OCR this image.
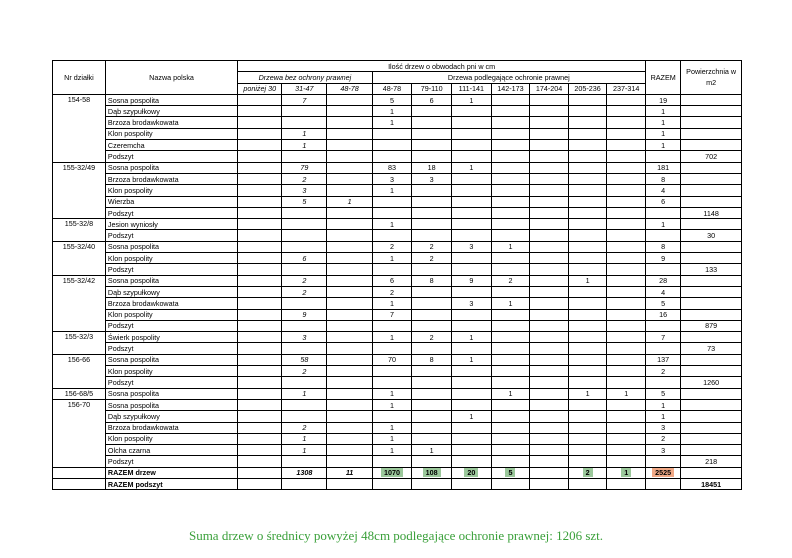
Nr działki	Nazwa polska	Ilość drzew o obwodach pni w cm										RAZEM	Powierzchnia w m2
		Drzewa bez ochrony prawnej			Drzewa podlegające ochronie prawnej								
		poniżej 30	31-47	48-78	48-78	79-110	111-141	142-173	174-204	205-236	237-314		
154-58	Sosna pospolita		7		5	6	1					19	
	Dąb szypułkowy				1							1	
	Brzoza brodawkowata				1							1	
	Klon pospolity		1									1	
	Czeremcha		1									1	
	Podszyt												702
155-32/49	Sosna pospolita		79		83	18	1					181	
	Brzoza brodawkowata		2		3	3						8	
	Klon pospolity		3		1							4	
	Wierzba		5	1								6	
	Podszyt												1148
155-32/8	Jesion wyniosły				1							1	
	Podszyt												30
155-32/40	Sosna pospolita				2	2	3	1				8	
	Klon pospolity		6		1	2						9	
	Podszyt												133
155-32/42	Sosna pospolita		2		6	8	9	2		1		28	
	Dąb szypułkowy		2		2							4	
	Brzoza brodawkowata				1		3	1				5	
	Klon pospolity		9		7							16	
	Podszyt												879
155-32/3	Świerk pospolity		3		1	2	1					7	
	Podszyt												73
156-66	Sosna pospolita		58		70	8	1					137	
	Klon pospolity		2									2	
	Podszyt												1260
156-68/5	Sosna pospolita		1		1			1		1	1	5	
156-70	Sosna pospolita				1							1	
	Dąb szypułkowy						1					1	
	Brzoza brodawkowata		2		1							3	
	Klon pospolity		1		1							2	
	Olcha czarna		1		1	1						3	
	Podszyt												218
	RAZEM drzew		1308	11	1070	108	20	5		2	1	2525	
	RAZEM podszyt												18451
Suma drzew o średnicy powyżej 48cm podlegające ochronie prawnej: 1206 szt.
